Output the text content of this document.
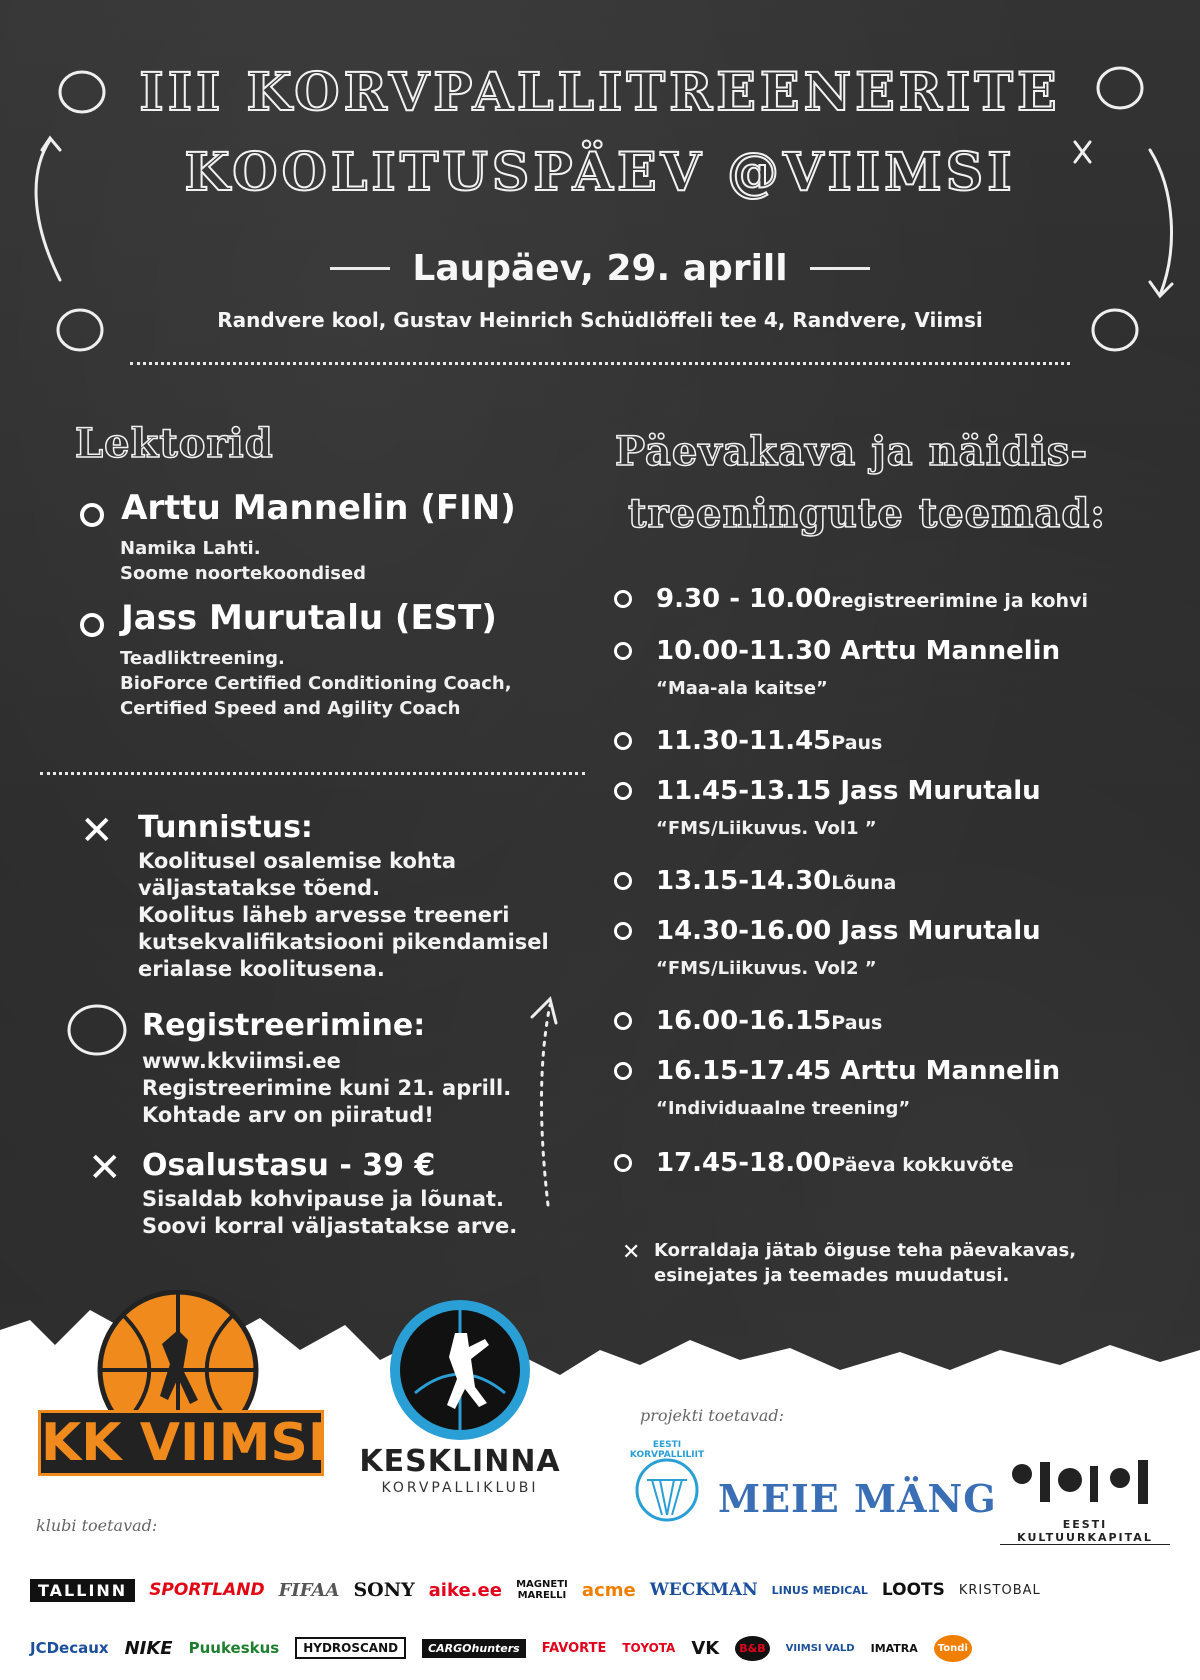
III KORVPALLITREENERITE
KOOLITUSPÄEV @VIIMSI
Laupäev, 29. aprill
Randvere kool, Gustav Heinrich Schüdlöffeli tee 4, Randvere, Viimsi
Lektorid
Arttu Mannelin (FIN)
Namika Lahti.
Soome noortekoondised
Jass Murutalu (EST)
Teadliktreening.
BioForce Certified Conditioning Coach,
Certified Speed and Agility Coach
✕ Tunnistus:
Koolitusel osalemise kohta
väljastatakse tõend.
Koolitus läheb arvesse treeneri
kutsekvalifikatsiooni pikendamisel
erialase koolitusena.
Registreerimine:
www.kkviimsi.ee
Registreerimine kuni 21. aprill.
Kohtade arv on piiratud!
✕ Osalustasu - 39 €
Sisaldab kohvipause ja lõunat.
Soovi korral väljastatakse arve.
Päevakava ja näidis-
treeningute teemad:
9.30 - 10.00 registreerimine ja kohvi
10.00-11.30 Arttu Mannelin
“Maa-ala kaitse”
11.30-11.45 Paus
11.45-13.15 Jass Murutalu
“FMS/Liikuvus. Vol1 ”
13.15-14.30 Lõuna
14.30-16.00 Jass Murutalu
“FMS/Liikuvus. Vol2 ”
16.00-16.15 Paus
16.15-17.45 Arttu Mannelin
“Individuaalne treening”
17.45-18.00 Päeva kokkuvõte
✕ Korraldaja jätab õiguse teha päevakavas,
esinejates ja teemades muudatusi.
KK VIIMSI KESKLINNA
KORVPALLIKLUBI
projekti toetavad:
EESTI KORVPALLILIIT
MEIE MÄNG
EESTI KULTUURKAPITAL
klubi toetavad:
TALLINN	SPORTLAND FIFAA SONY aike.ee MAGNETI MARELLI acme WECKMAN LINUS MEDICAL LOOTS KRISTOBAL
JCDecaux NIKE Puukeskus	HYDROSCAND	CARGOhunters	FAVORTE TOYOTA VK	B&B	VIIMSI VALD IMATRA	Tondi
